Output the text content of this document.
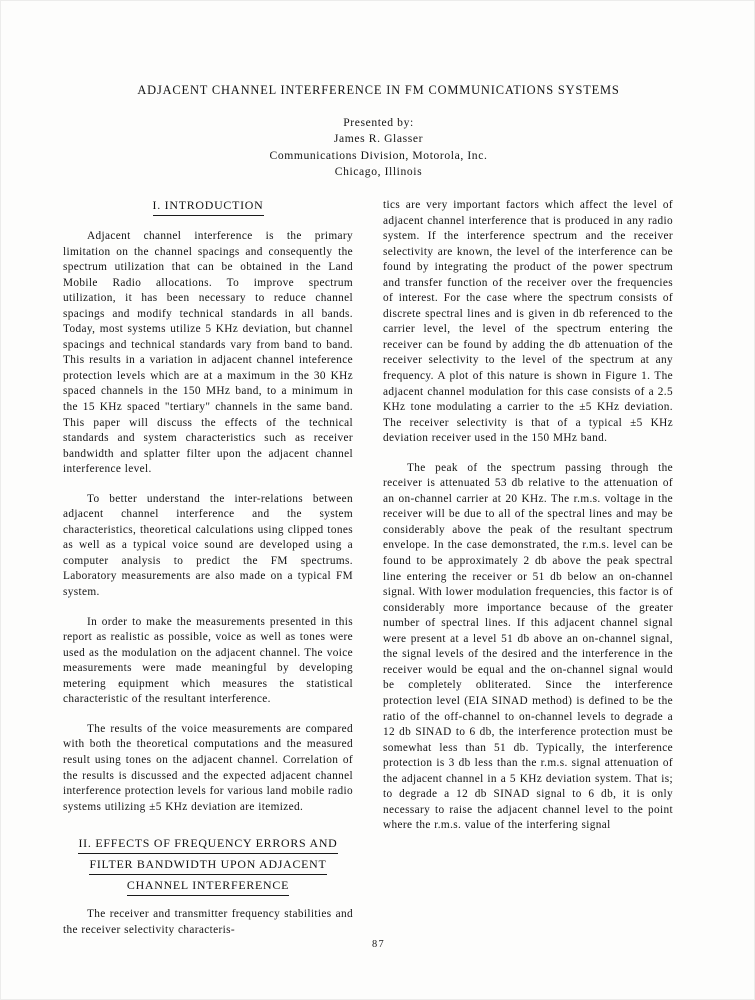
ADJACENT CHANNEL INTERFERENCE IN FM COMMUNICATIONS SYSTEMS
Presented by:
James R. Glasser
Communications Division, Motorola, Inc.
Chicago, Illinois
I. INTRODUCTION

Adjacent channel interference is the primary limitation on the channel spacings and consequently the spectrum utilization that can be obtained in the Land Mobile Radio allocations. To improve spectrum utilization, it has been necessary to reduce channel spacings and modify technical standards in all bands. Today, most systems utilize 5 KHz deviation, but channel spacings and technical standards vary from band to band. This results in a variation in adjacent channel inteference protection levels which are at a maximum in the 30 KHz spaced channels in the 150 MHz band, to a minimum in the 15 KHz spaced "tertiary" channels in the same band. This paper will discuss the effects of the technical standards and system characteristics such as receiver bandwidth and splatter filter upon the adjacent channel interference level.

To better understand the inter-relations between adjacent channel interference and the system characteristics, theoretical calculations using clipped tones as well as a typical voice sound are developed using a computer analysis to predict the FM spectrums. Laboratory measurements are also made on a typical FM system.

In order to make the measurements presented in this report as realistic as possible, voice as well as tones were used as the modulation on the adjacent channel. The voice measurements were made meaningful by developing metering equipment which measures the statistical characteristic of the resultant interference.

The results of the voice measurements are compared with both the theoretical computations and the measured result using tones on the adjacent channel. Correlation of the results is discussed and the expected adjacent channel interference protection levels for various land mobile radio systems utilizing ±5 KHz deviation are itemized.

II. EFFECTS OF FREQUENCY ERRORS AND
FILTER BANDWIDTH UPON ADJACENT
CHANNEL INTERFERENCE

The receiver and transmitter frequency stabilities and the receiver selectivity characteris-

tics are very important factors which affect the level of adjacent channel interference that is produced in any radio system. If the interference spectrum and the receiver selectivity are known, the level of the interference can be found by integrating the product of the power spectrum and transfer function of the receiver over the frequencies of interest. For the case where the spectrum consists of discrete spectral lines and is given in db referenced to the carrier level, the level of the spectrum entering the receiver can be found by adding the db attenuation of the receiver selectivity to the level of the spectrum at any frequency. A plot of this nature is shown in Figure 1. The adjacent channel modulation for this case consists of a 2.5 KHz tone modulating a carrier to the ±5 KHz deviation. The receiver selectivity is that of a typical ±5 KHz deviation receiver used in the 150 MHz band.

The peak of the spectrum passing through the receiver is attenuated 53 db relative to the attenuation of an on-channel carrier at 20 KHz. The r.m.s. voltage in the receiver will be due to all of the spectral lines and may be considerably above the peak of the resultant spectrum envelope. In the case demonstrated, the r.m.s. level can be found to be approximately 2 db above the peak spectral line entering the receiver or 51 db below an on-channel signal. With lower modulation frequencies, this factor is of considerably more importance because of the greater number of spectral lines. If this adjacent channel signal were present at a level 51 db above an on-channel signal, the signal levels of the desired and the interference in the receiver would be equal and the on-channel signal would be completely obliterated. Since the interference protection level (EIA SINAD method) is defined to be the ratio of the off-channel to on-channel levels to degrade a 12 db SINAD to 6 db, the interference protection must be somewhat less than 51 db. Typically, the interference protection is 3 db less than the r.m.s. signal attenuation of the adjacent channel in a 5 KHz deviation system. That is; to degrade a 12 db SINAD signal to 6 db, it is only necessary to raise the adjacent channel level to the point where the r.m.s. value of the interfering signal

87
